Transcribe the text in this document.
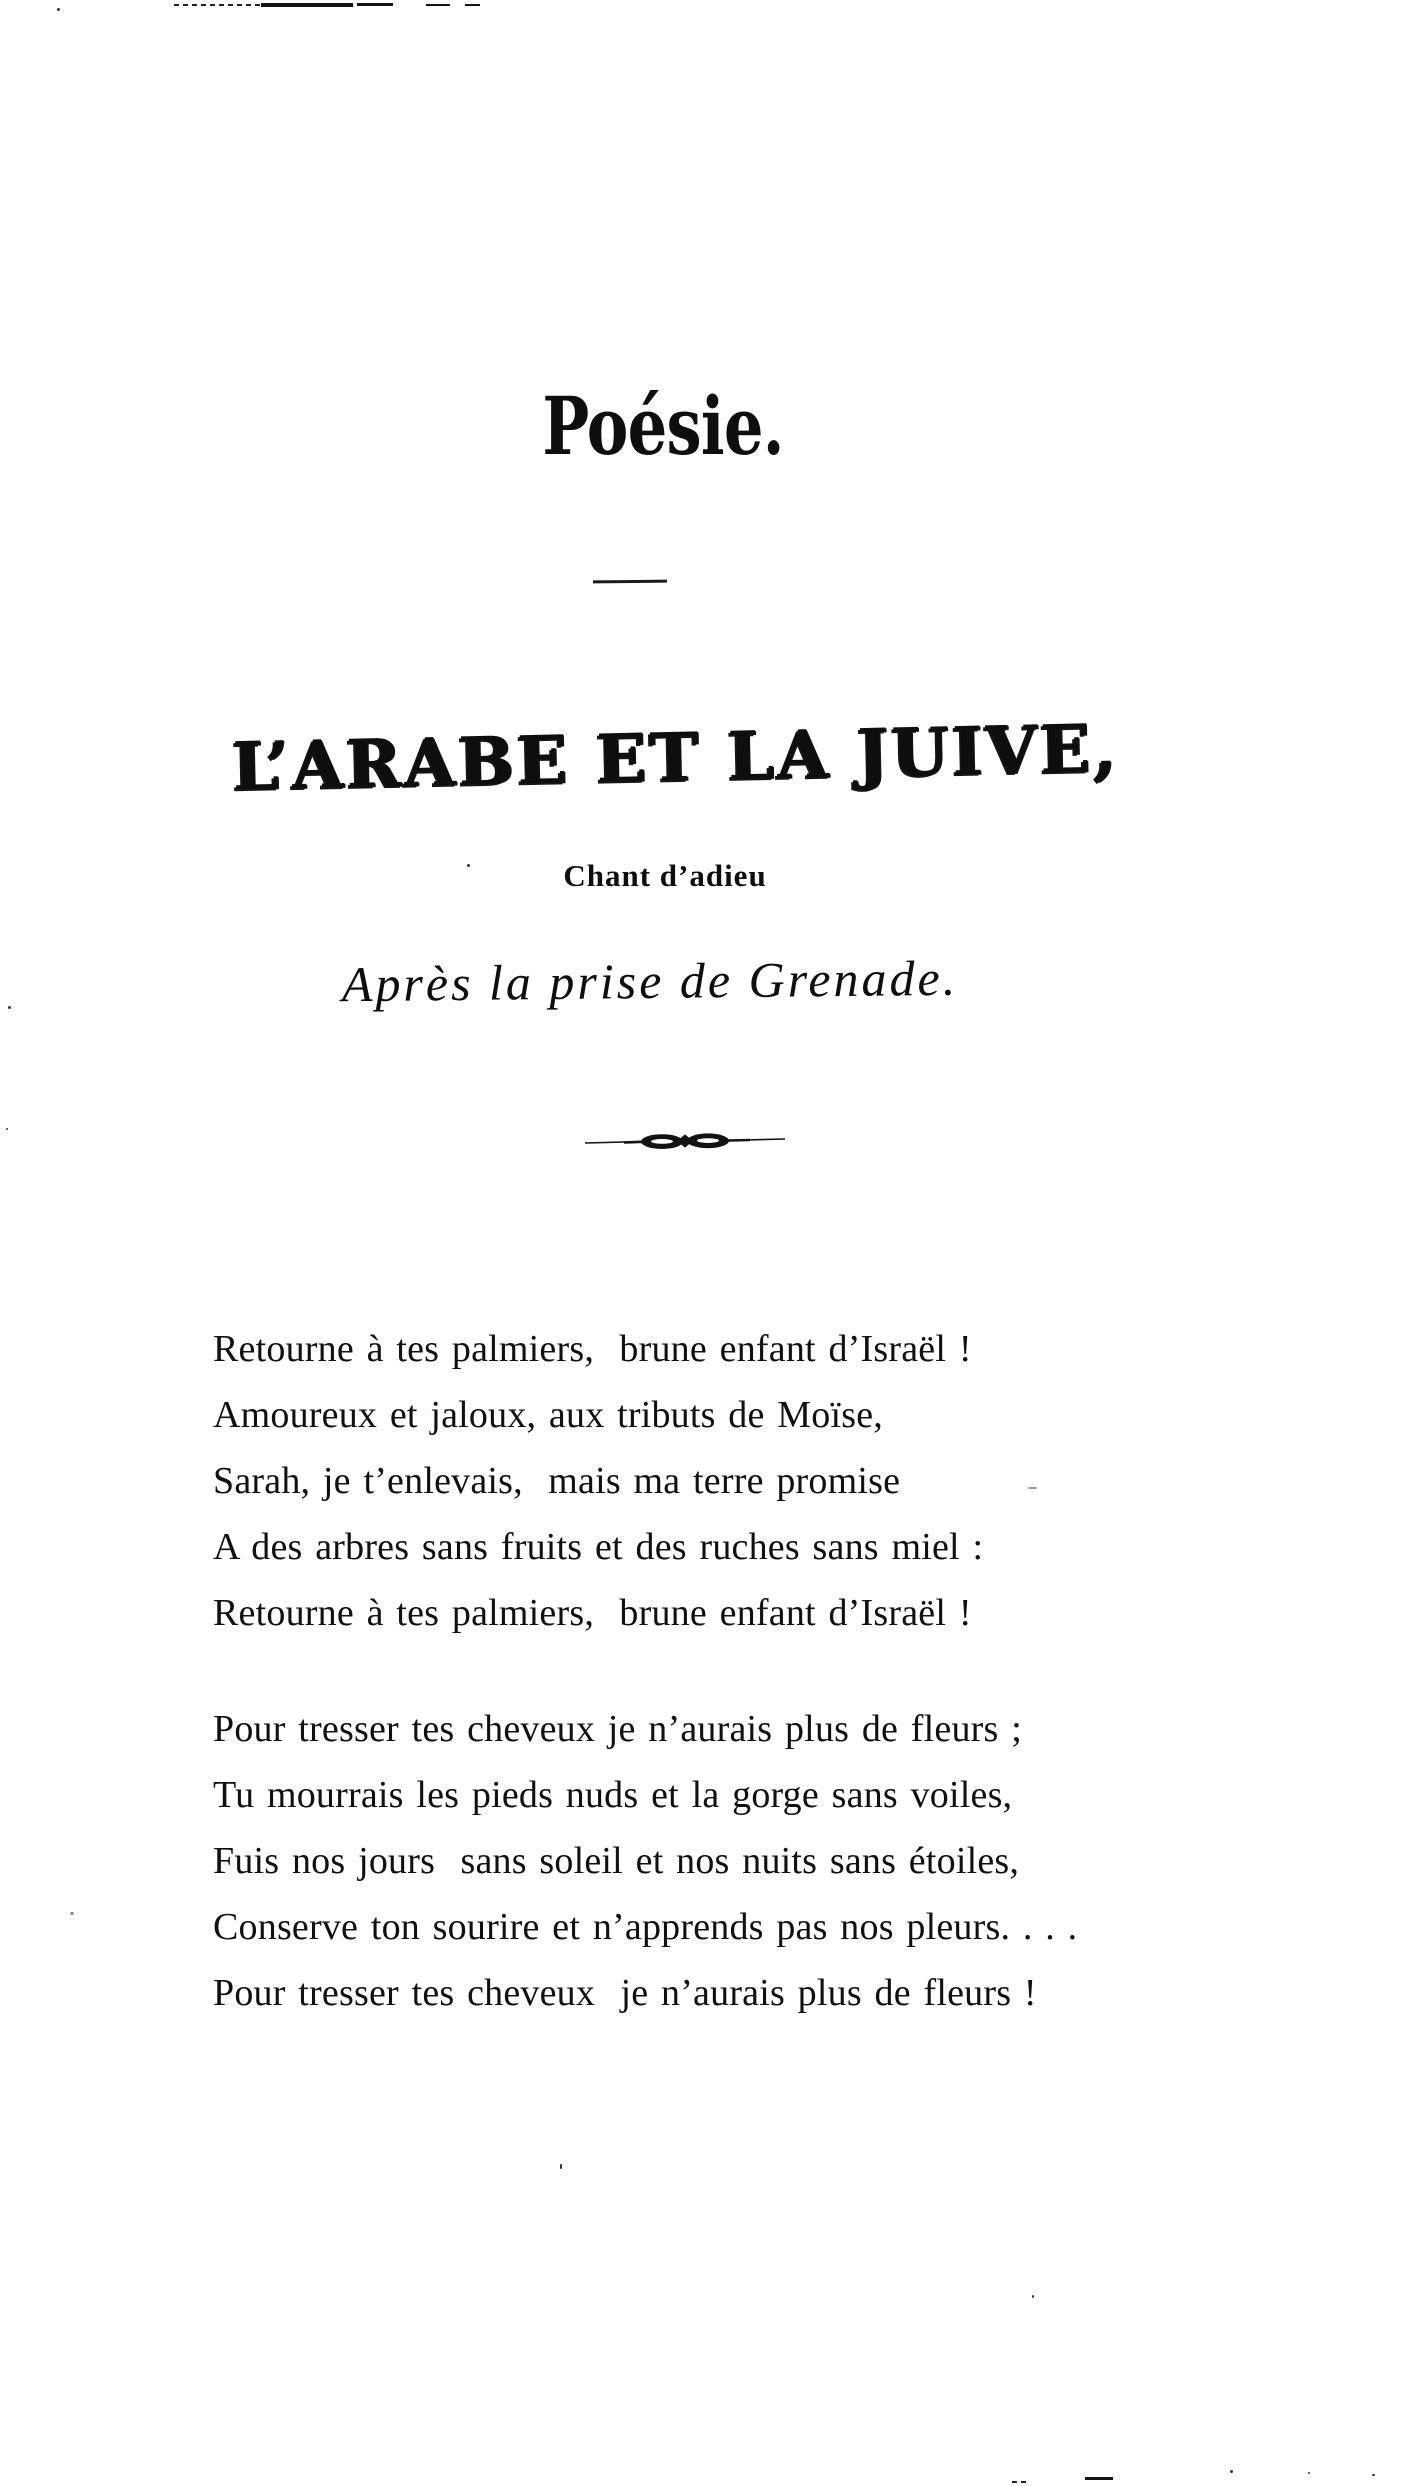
Poésie.
L’ARABE ET LA JUIVE,
Chant d’adieu
Après la prise de Grenade.

Retourne à tes palmiers,  brune enfant d’Israël !

Amoureux et jaloux, aux tributs de Moïse,

Sarah, je t’enlevais,  mais ma terre promise

A des arbres sans fruits et des ruches sans miel :

Retourne à tes palmiers,  brune enfant d’Israël !

Pour tresser tes cheveux je n’aurais plus de fleurs ;

Tu mourrais les pieds nuds et la gorge sans voiles,

Fuis nos jours  sans soleil et nos nuits sans étoiles,

Conserve ton sourire et n’apprends pas nos pleurs. . . .

Pour tresser tes cheveux  je n’aurais plus de fleurs !
